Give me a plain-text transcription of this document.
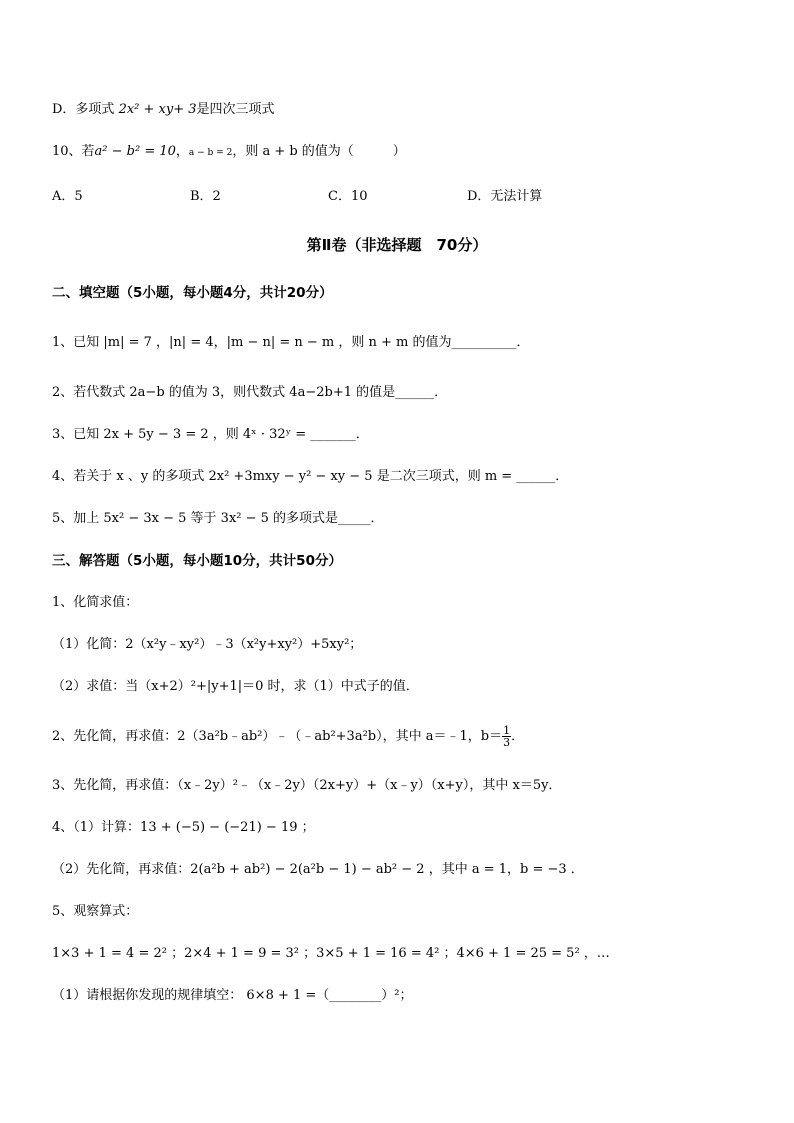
D．多项式 2x² + xy+ 3是四次三项式
10、若a² − b² = 10，a − b = 2，则 a + b 的值为（　　　）
A．5	B．2	C．10	D．无法计算
第Ⅱ卷（非选择题　70分）
二、填空题（5小题，每小题4分，共计20分）
1、已知 |m| = 7 ，|n| = 4，|m − n| = n − m ，则 n + m 的值为__________．
2、若代数式 2a−b 的值为 3，则代数式 4a−2b+1 的值是______．
3、已知 2x + 5y − 3 = 2 ，则 4ˣ · 32ʸ = _______．
4、若关于 x 、y 的多项式 2x² +3mxy − y² − xy − 5 是二次三项式，则 m = ______．
5、加上 5x² − 3x − 5 等于 3x² − 5 的多项式是_____．
三、解答题（5小题，每小题10分，共计50分）
1、化简求值：
（1）化简：2（x²y﹣xy²）﹣3（x²y+xy²）+5xy²；
（2）求值：当（x+2）²+|y+1|＝0 时，求（1）中式子的值．
2、先化简，再求值：2（3a²b﹣ab²）﹣（﹣ab²+3a²b），其中 a＝﹣1，$b= \frac{1}{3}$ ．
3、先化简，再求值：（x﹣2y）²﹣（x﹣2y）（2x+y）+（x﹣y）（x+y），其中 x＝5y．
4、（1）计算：13 + (−5) − (−21) − 19 ；
（2）先化简，再求值：2(a²b + ab²) − 2(a²b − 1) − ab² − 2 ，其中 a = 1，b = −3 ．
5、观察算式：
1×3 + 1 = 4 = 2² ；2×4 + 1 = 9 = 3² ；3×5 + 1 = 16 = 4² ；4×6 + 1 = 25 = 5² ，…
（1）请根据你发现的规律填空： 6×8 + 1 =（________）²；
